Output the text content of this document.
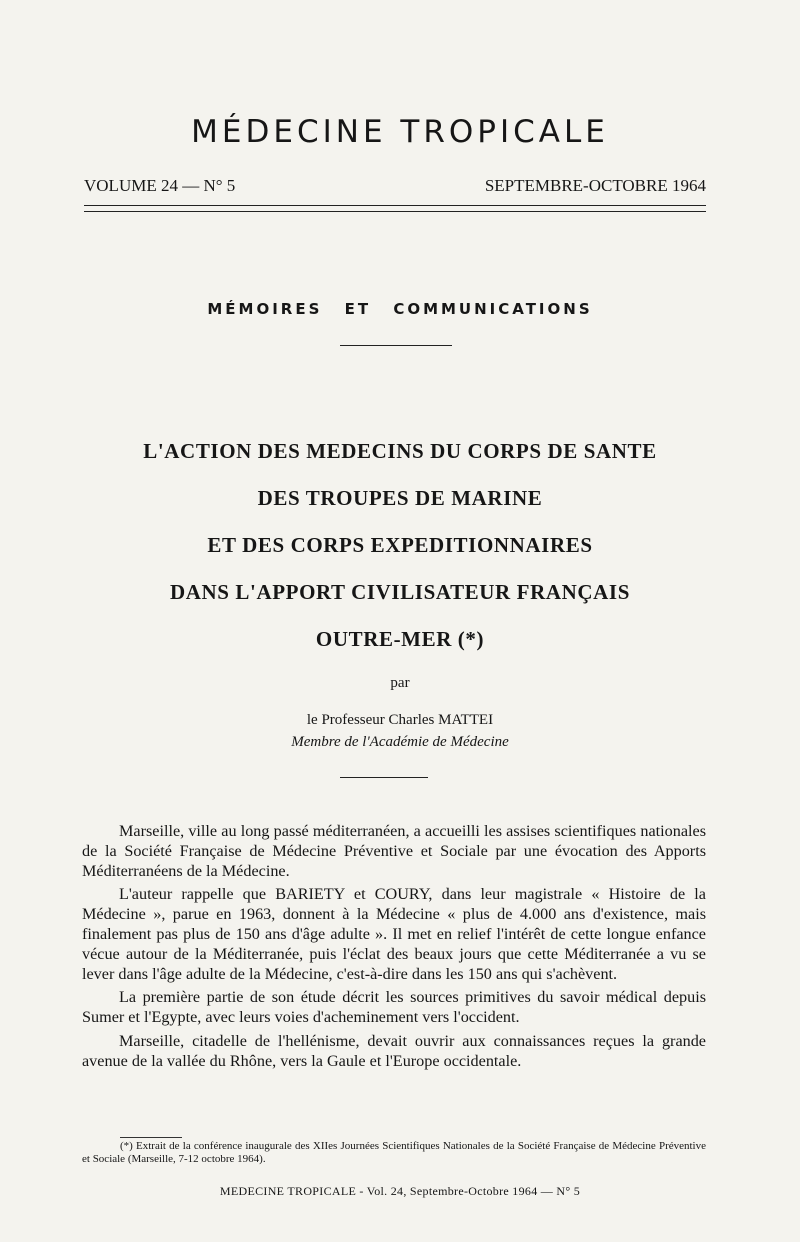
MÉDECINE TROPICALE
VOLUME 24 — N° 5	SEPTEMBRE-OCTOBRE 1964
MÉMOIRES ET COMMUNICATIONS
L'ACTION DES MEDECINS DU CORPS DE SANTE
DES TROUPES DE MARINE
ET DES CORPS EXPEDITIONNAIRES
DANS L'APPORT CIVILISATEUR FRANÇAIS
OUTRE-MER (*)
par
le Professeur Charles MATTEI
Membre de l'Académie de Médecine

Marseille, ville au long passé méditerranéen, a accueilli les assises scientifiques nationales de la Société Française de Médecine Préventive et Sociale par une évocation des Apports Méditerranéens de la Médecine.

L'auteur rappelle que BARIETY et COURY, dans leur magistrale « Histoire de la Médecine », parue en 1963, donnent à la Médecine « plus de 4.000 ans d'existence, mais finalement pas plus de 150 ans d'âge adulte ». Il met en relief l'intérêt de cette longue enfance vécue autour de la Méditerranée, puis l'éclat des beaux jours que cette Méditerranée a vu se lever dans l'âge adulte de la Médecine, c'est-à-dire dans les 150 ans qui s'achèvent.

La première partie de son étude décrit les sources primitives du savoir médical depuis Sumer et l'Egypte, avec leurs voies d'acheminement vers l'occident.

Marseille, citadelle de l'hellénisme, devait ouvrir aux connaissances reçues la grande avenue de la vallée du Rhône, vers la Gaule et l'Europe occidentale.

(*) Extrait de la conférence inaugurale des XIIes Journées Scientifiques Nationales de la Société Française de Médecine Préventive et Sociale (Marseille, 7-12 octobre 1964).
MEDECINE TROPICALE - Vol. 24, Septembre-Octobre 1964 — N° 5
